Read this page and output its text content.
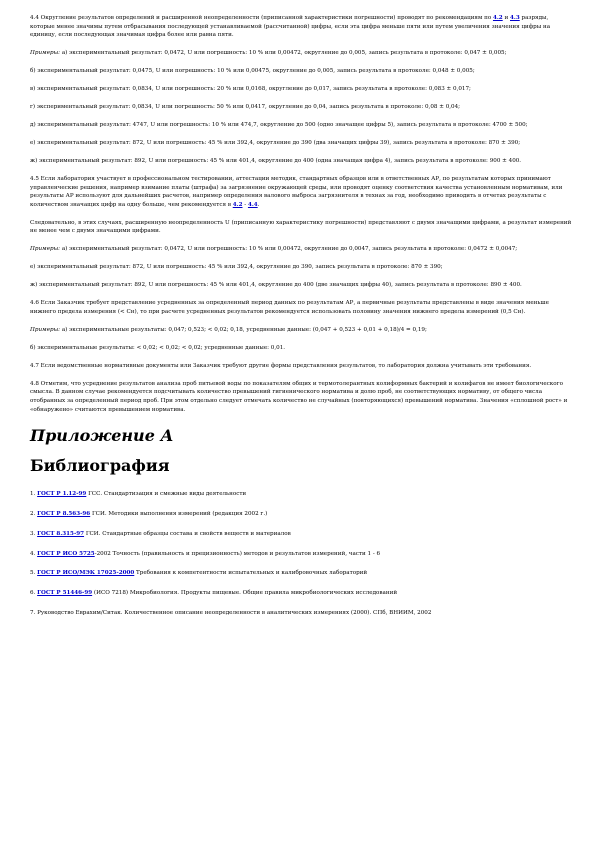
4.4 Округление результатов определений и расширенной неопределенности (приписанной характеристики погрешности) проводят по рекомендациям по 4.2 и 4.3 разряды, которые менее значимы путем отбрасывания последующей устанавливаемой (рассчитанной) цифры, если эта цифра меньше пяти или путем увеличения значения цифры на единицу, если последующая значимая цифра более или равна пяти.

Примеры: а) экспериментальный результат: 0,0472, U или погрешность: 10 % или 0,00472, округление до 0,005, запись результата в протоколе: 0,047 ± 0,005;

б) экспериментальный результат: 0,0475, U или погрешность: 10 % или 0,00475, округление до 0,005, запись результата в протоколе: 0,048 ± 0,005;

в) экспериментальный результат: 0,0834, U или погрешность: 20 % или 0,0168, округление до 0,017, запись результата в протоколе: 0,083 ± 0,017;

г) экспериментальный результат: 0,0834, U или погрешность: 50 % или 0,0417, округление до 0,04, запись результата в протоколе: 0,08 ± 0,04;

д) экспериментальный результат: 4747, U или погрешность: 10 % или 474,7, округление до 500 (одно значащее цифры 5), запись результата в протоколе: 4700 ± 500;

е) экспериментальный результат: 872, U или погрешность: 45 % или 392,4, округление до 390 (два значащих цифры 39), запись результата в протоколе: 870 ± 390;

ж) экспериментальный результат: 892, U или погрешность: 45 % или 401,4, округление до 400 (одна значащая цифра 4), запись результата в протоколе: 900 ± 400.

4.5 Если лаборатория участвует в профессиональном тестировании, аттестации методик, стандартных образцов или в ответственных АР, по результатам которых принимают управленческие решения, например взимание платы (штрафа) за загрязнение окружающей среды, или проводят оценку соответствия качества установленным нормативам, или результаты АР используют для дальнейших расчетов, например определения валового выброса загрязнителя в технах за год, необходимо приводить в отчетах результаты с количеством значащих цифр на одну больше, чем рекомендуется в 4.2 - 4.4.

Следовательно, в этих случаях, расширенную неопределенность U (приписанную характеристику погрешности) представляют с двумя значащими цифрами, а результат измерений не менее чем с двумя значащими цифрами.

Примеры: а) экспериментальный результат: 0,0472, U или погрешность: 10 % или 0,00472, округление до 0,0047, запись результата в протоколе: 0,0472 ± 0,0047;

е) экспериментальный результат: 872, U или погрешность: 45 % или 392,4, округление до 390, запись результата в протоколе: 870 ± 390;

ж) экспериментальный результат: 892, U или погрешность: 45 % или 401,4, округление до 400 (две значащих цифры 40), запись результата в протоколе: 890 ± 400.

4.6 Если Заказчик требует представление усредненных за определенный период данных по результатам АР, а первичные результаты представлены в виде значения меньше нижнего предела измерения (< Cн), то при расчете усредненных результатов рекомендуется использовать половину значения нижнего предела измерений (0,5 Cн).

Примеры: а) экспериментальные результаты: 0,047; 0,523; < 0,02; 0,18, усредненные данные: (0,047 + 0,523 + 0,01 + 0,18)/4 = 0,19;

б) экспериментальные результаты: < 0,02; < 0,02; < 0,02; усредненные данные: 0,01.

4.7 Если ведомственные нормативные документы или Заказчик требуют другие формы представления результатов, то лаборатория должна учитывать эти требования.

4.8 Отметим, что усреднение результатов анализа проб питьевой воды по показателям общих и термотолерантных колиформных бактерий и колифагов не имеет биологического смысла. В данном случае рекомендуется подсчитывать количество превышений гигиенического норматива и долю проб, не соответствующих нормативу, от общего числа отобранных за определенный период проб. При этом отдельно следует отмечать количество не случайных (повторяющихся) превышений норматива. Значения «сплошной рост» и «обнаружено» считаются превышением норматива.

Приложение А
Библиография
1. ГОСТ Р 1.12-99 ГСС. Стандартизация и смежные виды деятельности
2. ГОСТ Р 8.563-96 ГСИ. Методики выполнения измерений (редакция 2002 г.)
3. ГОСТ 8.315-97 ГСИ. Стандартные образцы состава и свойств веществ и материалов
4. ГОСТ Р ИСО 5725-2002 Точность (правильность и прецизионность) методов и результатов измерений, части 1 - 6
5. ГОСТ Р ИСО/МЭК 17025-2000 Требования к компетентности испытательных и калибровочных лабораторий
6. ГОСТ Р 51446-99 (ИСО 7218) Микробиология. Продукты пищевые. Общие правила микробиологических исследований
7. Руководство Еврахим/Ситак. Количественное описание неопределенности в аналитических измерениях (2000). СПб, ВНИИМ, 2002
